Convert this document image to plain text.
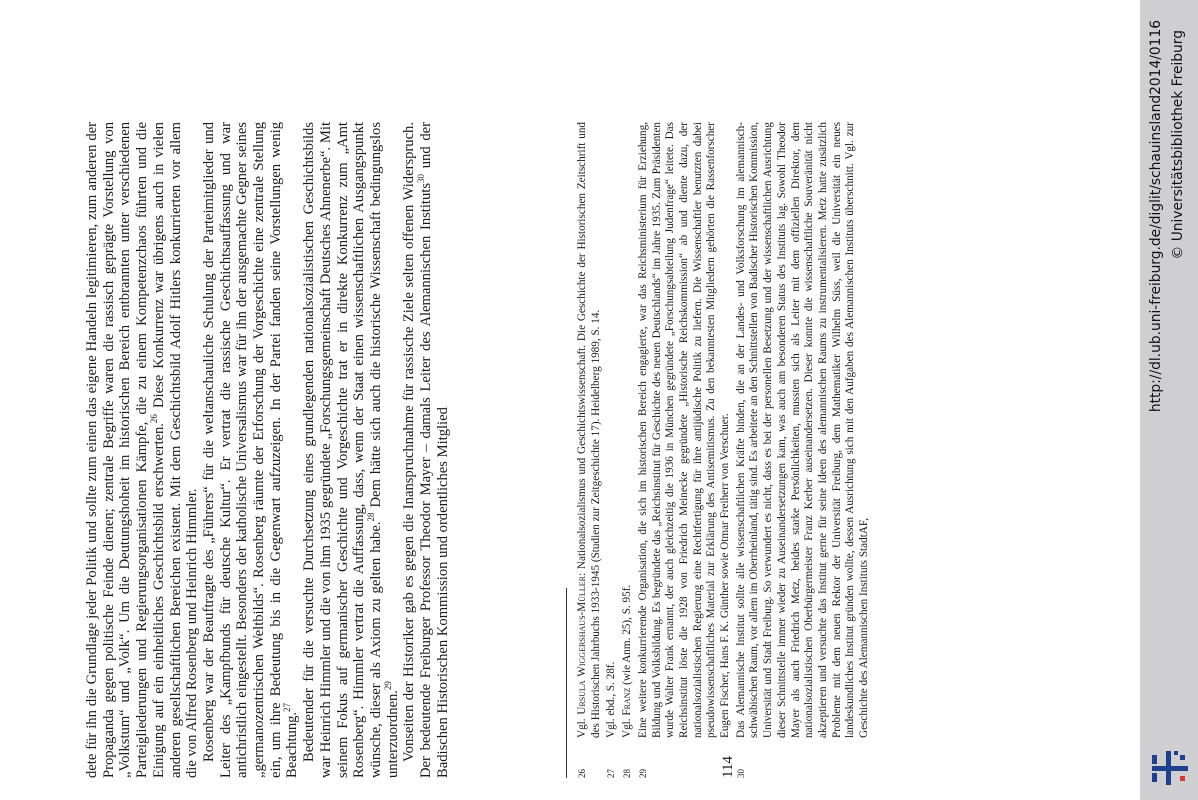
dete für ihn die Grundlage jeder Politik und sollte zum einen das eigene Handeln legitimieren, zum anderen der Propaganda gegen politische Feinde dienen; zentrale Begriffe waren die rassisch geprägte Vorstellung von „Volkstum“ und „Volk“. Um die Deutungshoheit im historischen Bereich entbrannten unter verschiedenen Parteigliederungen und Regierungsorganisationen Kämpfe, die zu einem Kompetenzchaos führten und die Einigung auf ein einheitliches Geschichtsbild erschwerten.$^{26}$ Diese Konkurrenz war übrigens auch in vielen anderen gesellschaftlichen Bereichen existent. Mit dem Geschichtsbild Adolf Hitlers konkurrierten vor allem die von Alfred Rosenberg und Heinrich Himmler. Rosenberg war der Beauftragte des „Führers“ für die weltanschauliche Schulung der Parteimitglieder und Leiter des „Kampfbunds für deutsche Kultur“. Er vertrat die rassische Geschichtsauffassung und war antichristlich eingestellt. Besonders der katholische Universalismus war für ihn der ausgemachte Gegner seines „germanozentrischen Weltbilds“. Rosenberg räumte der Erforschung der Vorgeschichte eine zentrale Stellung ein, um ihre Bedeutung bis in die Gegenwart aufzuzeigen. In der Partei fanden seine Vorstellungen wenig Beachtung.$^{27}$ Bedeutender für die versuchte Durchsetzung eines grundlegenden nationalsozialistischen Geschichtsbilds war Heinrich Himmler und die von ihm 1935 gegründete „Forschungsgemeinschaft Deutsches Ahnenerbe“. Mit seinem Fokus auf germanischer Geschichte und Vorgeschichte trat er in direkte Konkurrenz zum „Amt Rosenberg“. Himmler vertrat die Auffassung, dass, wenn der Staat einen wissenschaftlichen Ausgangspunkt wünsche, dieser als Axiom zu gelten habe.$^{28}$ Dem hätte sich auch die historische Wissenschaft bedingungslos unterzuordnen.$^{29}$ Vonseiten der Historiker gab es gegen die Inanspruchnahme für rassische Ziele selten offenen Widerspruch. Der bedeutende Freiburger Professor Theodor Mayer – damals Leiter des Alemannischen Instituts$^{30}$ und der Badischen Historischen Kommission und ordentliches Mitglied	26
Vgl. Ursula Wiggershaus-Müller: Nationalsozialismus und Geschichtswissenschaft. Die Geschichte der Historischen Zeitschrift und des Historischen Jahrbuchs 1933-1945 (Studien zur Zeitgeschichte 17). Heidelberg 1989, S. 14.
27
Vgl. ebd., S. 28f.
28
Vgl. Franz (wie Anm. 25), S. 95f.
29
Eine weitere konkurrierende Organisation, die sich im historischen Bereich engagierte, war das Reichsministerium für Erziehung, Bildung und Volksbildung. Es begründete das „Reichsinstitut für Geschichte des neuen Deutschlands“ im Jahre 1935. Zum Präsidenten wurde Walter Frank ernannt, der auch gleichzeitig die 1936 in München gegründete „Forschungsabteilung Judenfrage“ leitete. Das Reichsinstitut löste die 1928 von Friedrich Meinecke gegründete „Historische Reichskommission“ ab und diente dazu, der nationalsozialistischen Regierung eine Rechtfertigung für ihre antijüdische Politik zu liefern. Die Wissenschaftler benutzten dabei pseudowissenschaftliches Material zur Erklärung des Antisemitismus. Zu den bekanntesten Mitgliedern gehörten die Rassenforscher Eugen Fischer, Hans F. K. Günther sowie Otmar Freiherr von Verschuer.
30
Das Alemannische Institut sollte alle wissenschaftlichen Kräfte binden, die an der Landes- und Volksforschung im alemannisch-schwäbischen Raum, vor allem im Oberrheinland, tätig sind. Es arbeitete an den Schnittstellen von Badischer Historischen Kommission, Universität und Stadt Freiburg. So verwundert es nicht, dass es bei der personellen Besetzung und der wissenschaftlichen Ausrichtung dieser Schnittstelle immer wieder zu Auseinandersetzungen kam, was auch am besonderen Status des Instituts lag. Sowohl Theodor Mayer als auch Friedrich Metz, beides starke Persönlichkeiten, mussten sich als Leiter mit dem offiziellen Direktor, dem nationalsozialistischen Oberbürgermeister Franz Kerber auseinandersetzen. Dieser konnte die wissenschaftliche Souveränität nicht akzeptieren und versuchte das Institut gerne für seine Ideen des alemannischen Raums zu instrumentalisieren. Metz hatte zusätzlich Probleme mit dem neuen Rektor der Universität Freiburg, dem Mathematiker Wilhelm Süss, weil die Universität ein neues landeskundliches Institut gründen wollte, dessen Ausrichtung sich mit den Aufgaben des Alemannischen Instituts überschnitt. Vgl. zur Geschichte des Alemannischen Instituts StadtAF,
114
http://dl.ub.uni-freiburg.de/diglit/schauinsland2014/0116 © Universitätsbibliothek Freiburg
